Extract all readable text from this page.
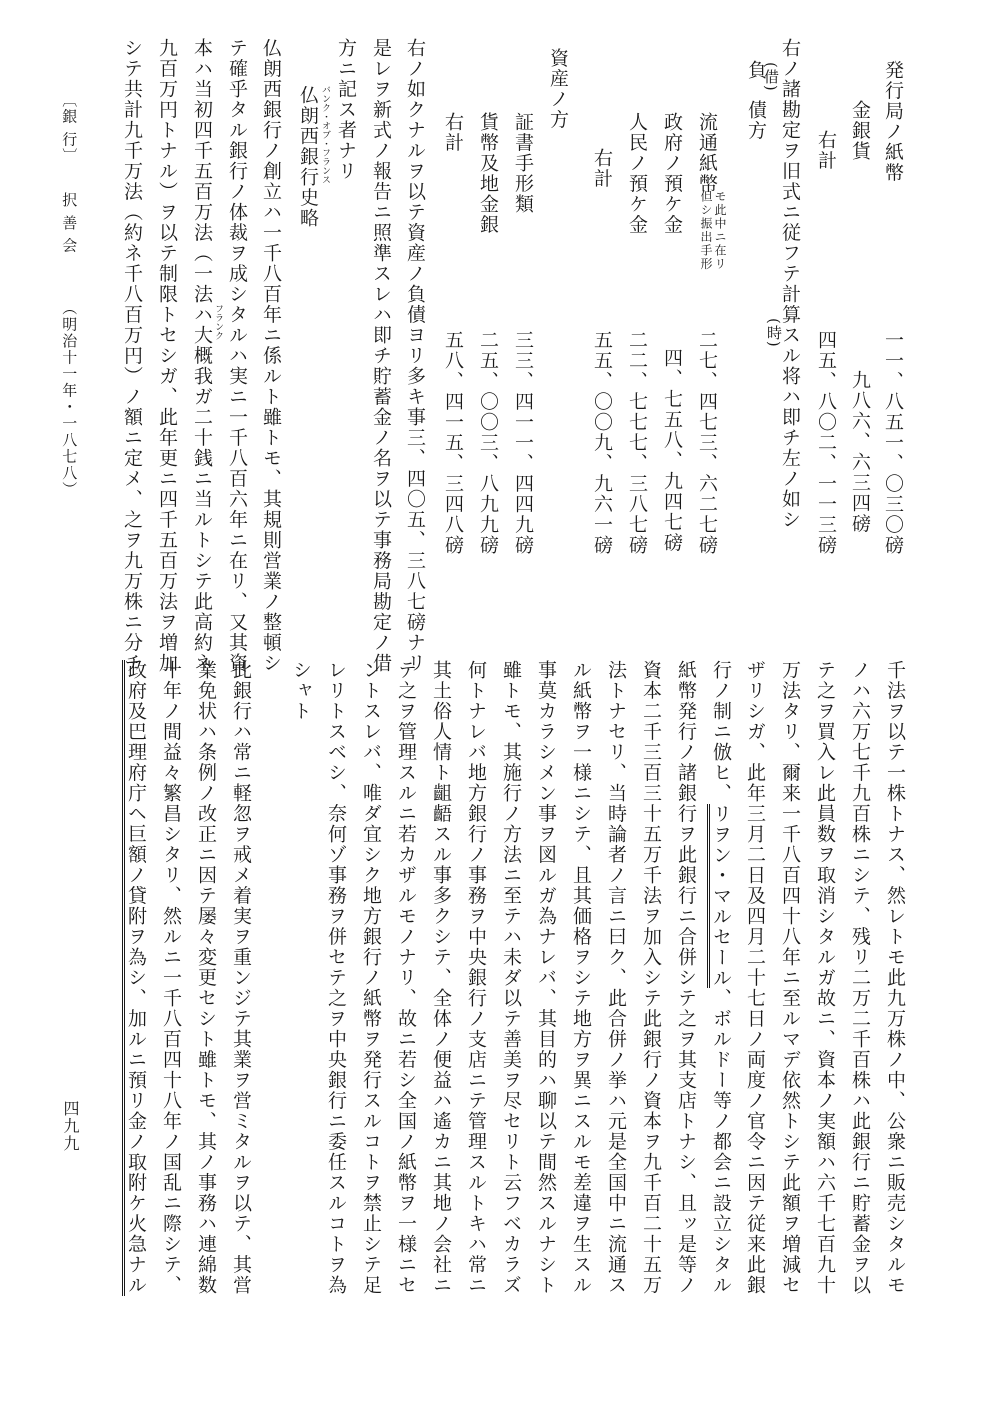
発行局ノ紙幣
金銀貨
右計
右ノ諸勘定ヲ旧式ニ従フテ計算スル将ハ即チ左ノ如シ
(時)
(借)
負
債方
流通紙幣
但シ振出手形 モ此中ニ在リ
政府ノ預ケ金
人民ノ預ケ金
右計
資産ノ方
証書手形類
貨幣及地金銀
右計
一一、八五一、〇三〇磅
九八六、六三四磅
四五、八〇二、一一三磅
二七、四七三、六二七磅
四、七五八、九四七磅
二二、七七七、三八七磅
五五、〇〇九、九六一磅
三三、四一一、四四九磅
二五、〇〇三、八九九磅
五八、四一五、三四八磅
右ノ如クナルヲ以テ資産ノ負債ヨリ多キ事三、四〇五、三八七磅ナリ
是レヲ新式ノ報告ニ照準スレハ即チ貯蓄金ノ名ヲ以テ事務局勘定ノ借
方ニ記ス者ナリ
バンク・オブ・フランス
仏朗西銀行史略
仏朗西銀行ノ創立ハ一千八百年ニ係ルト雖トモ、其規則営業ノ整頓シ
テ確乎タル銀行ノ体裁ヲ成シタルハ実ニ一千八百六年ニ在リ、又其資
フランク
本ハ当初四千五百万法（一法ハ大概我ガ二十銭ニ当ルトシテ此高約ネ
九百万円トナル）ヲ以テ制限トセシガ、此年更ニ四千五百万法ヲ増加
シテ共計九千万法（約ネ千八百万円）ノ額ニ定メ、之ヲ九万株ニ分チ
〔銀 行〕
択 善 会
（明治十一年・一八七八）
千法ヲ以テ一株トナス、然レトモ此九万株ノ中、公衆ニ販売シタルモ
ノハ六万七千九百株ニシテ、残リ二万二千百株ハ此銀行ニ貯蓄金ヲ以
テ之ヲ買入レ此員数ヲ取消シタルガ故ニ、資本ノ実額ハ六千七百九十
万法タリ、爾来一千八百四十八年ニ至ルマデ依然トシテ此額ヲ増減セ
ザリシガ、此年三月二日及四月二十七日ノ両度ノ官令ニ因テ従来此銀
行ノ制ニ倣ヒ、リヲン・マルセール、ボルドー等ノ都会ニ設立シタル
紙幣発行ノ諸銀行ヲ此銀行ニ合併シテ之ヲ其支店トナシ、且ッ是等ノ
資本二千三百三十五万千法ヲ加入シテ此銀行ノ資本ヲ九千百二十五万
法トナセリ、当時論者ノ言ニ曰ク、此合併ノ挙ハ元是全国中ニ流通ス
ル紙幣ヲ一様ニシテ、且其価格ヲシテ地方ヲ異ニスルモ差違ヲ生スル
事莫カラシメン事ヲ図ルガ為ナレバ、其目的ハ聊以テ間然スルナシト
雖トモ、其施行ノ方法ニ至テハ未ダ以テ善美ヲ尽セリト云フベカラズ
何トナレバ地方銀行ノ事務ヲ中央銀行ノ支店ニテ管理スルトキハ常ニ
其土俗人情ト齟齬スル事多クシテ、全体ノ便益ハ遙カニ其地ノ会社ニ
テ之ヲ管理スルニ若カザルモノナリ、故ニ若シ全国ノ紙幣ヲ一様ニセ
ントスレバ、唯ダ宜シク地方銀行ノ紙幣ヲ発行スルコトヲ禁止シテ足
レリトスベシ、奈何ゾ事務ヲ併セテ之ヲ中央銀行ニ委任スルコトヲ為
シャト
此銀行ハ常ニ軽忽ヲ戒メ着実ヲ重ンジテ其業ヲ営ミタルヲ以テ、其営
業免状ハ条例ノ改正ニ因テ屡々変更セシト雖トモ、其ノ事務ハ連綿数
十年ノ間益々繁昌シタリ、然ルニ一千八百四十八年ノ国乱ニ際シテ、
政府及巴理府庁ヘ巨額ノ貸附ヲ為シ、加ルニ預リ金ノ取附ケ火急ナル
四九九
